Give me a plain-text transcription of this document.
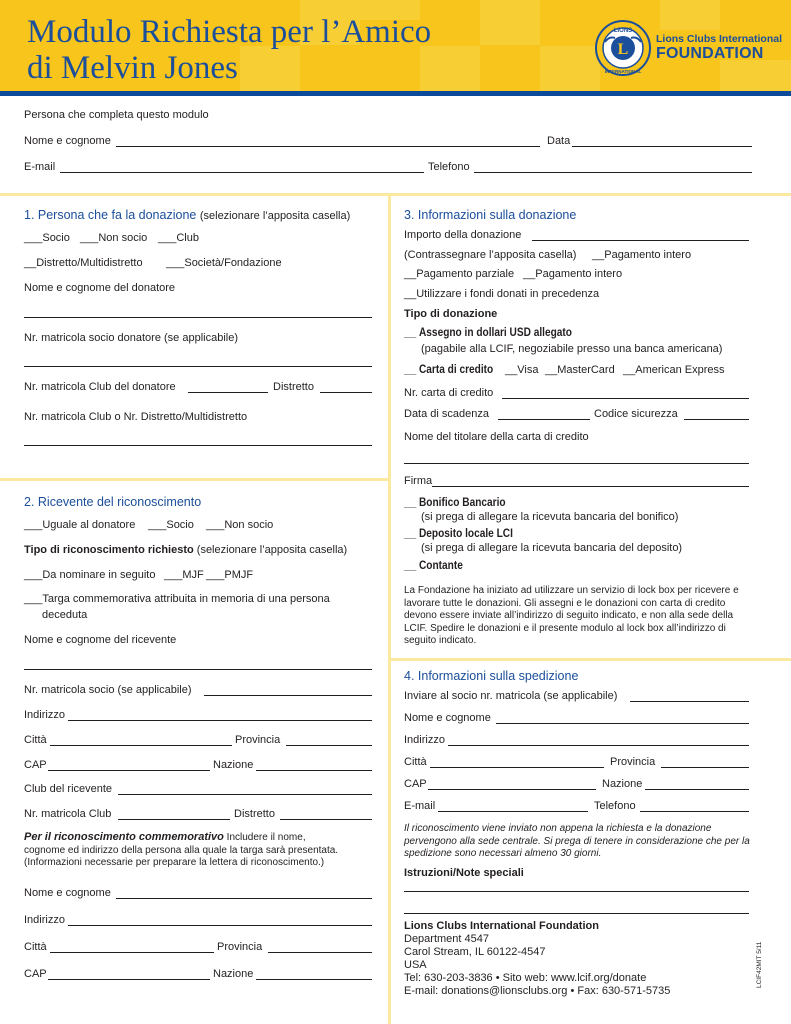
Modulo Richiesta per l’Amico
di Melvin Jones
LIONS
INTERNATIONAL
L
Lions Clubs International
FOUNDATION
Persona che completa questo modulo
Nome e cognome	Data
E-mail	Telefono
1. Persona che fa la donazione (selezionare l’apposita casella)
___Socio ___Non socio ___Club
__Distretto/Multidistretto ___Società/Fondazione
Nome e cognome del donatore
Nr. matricola socio donatore (se applicabile)
Nr. matricola Club del donatore	Distretto
Nr. matricola Club o Nr. Distretto/Multidistretto
2. Ricevente del riconoscimento
___Uguale al donatore ___Socio ___Non socio
Tipo di riconoscimento richiesto (selezionare l’apposita casella)
___Da nominare in seguito ___MJF ___PMJF
___Targa commemorativa attribuita in memoria di una persona
deceduta
Nome e cognome del ricevente
Nr. matricola socio (se applicabile)
Indirizzo
Città	Provincia
CAP	Nazione
Club del ricevente
Nr. matricola Club	Distretto
Per il riconoscimento commemorativo Includere il nome,
cognome ed indirizzo della persona alla quale la targa sarà presentata.
(Informazioni necessarie per preparare la lettera di riconoscimento.)
Nome e cognome
Indirizzo
Città	Provincia
CAP	Nazione
3. Informazioni sulla donazione
Importo della donazione
(Contrassegnare l’apposita casella) __Pagamento intero
__Pagamento parziale __Pagamento intero
__Utilizzare i fondi donati in precedenza
Tipo di donazione
__ Assegno in dollari USD allegato
(pagabile alla LCIF, negoziabile presso una banca americana)
__ Carta di credito	__Visa __MasterCard __American Express
Nr. carta di credito
Data di scadenza	Codice sicurezza
Nome del titolare della carta di credito
Firma
__ Bonifico Bancario
(si prega di allegare la ricevuta bancaria del bonifico)
__ Deposito locale LCI
(si prega di allegare la ricevuta bancaria del deposito)
__ Contante
La Fondazione ha iniziato ad utilizzare un servizio di lock box per ricevere e lavorare tutte le donazioni. Gli assegni e le donazioni con carta di credito devono essere inviate all’indirizzo di seguito indicato, e non alla sede della LCIF. Spedire le donazioni e il presente modulo al lock box all’indirizzo di seguito indicato.
4. Informazioni sulla spedizione
Inviare al socio nr. matricola (se applicabile)
Nome e cognome
Indirizzo
Città	Provincia
CAP	Nazione
E-mail	Telefono
Il riconoscimento viene inviato non appena la richiesta e la donazione pervengono alla sede centrale. Si prega di tenere in considerazione che per la spedizione sono necessari almeno 30 giorni.
Istruzioni/Note speciali
Lions Clubs International Foundation
Department 4547
Carol Stream, IL 60122-4547
USA
Tel: 630-203-3836 • Sito web: www.lcif.org/donate
E-mail: donations@lionsclubs.org • Fax: 630-571-5735
LCIF42MIT 5/11
